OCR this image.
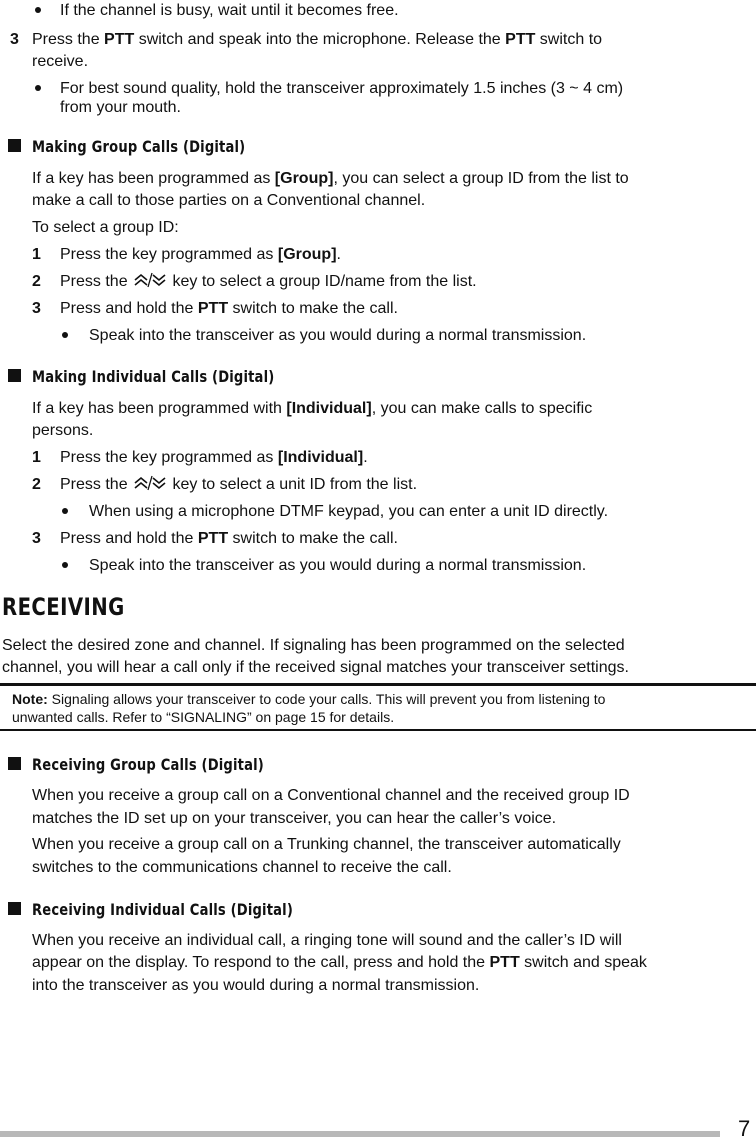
If the channel is busy, wait until it becomes free.
3 Press the PTT switch and speak into the microphone. Release the PTT switch to
receive.
For best sound quality, hold the transceiver approximately 1.5 inches (3 ~ 4 cm)
from your mouth.
Making Group Calls (Digital)
If a key has been programmed as [Group], you can select a group ID from the list to
make a call to those parties on a Conventional channel.
To select a group ID:
1 Press the key programmed as [Group].
2 Press the  key to select a group ID/name from the list.
3 Press and hold the PTT switch to make the call.
Speak into the transceiver as you would during a normal transmission.
Making Individual Calls (Digital)
If a key has been programmed with [Individual], you can make calls to specific
persons.
1 Press the key programmed as [Individual].
2 Press the  key to select a unit ID from the list.
When using a microphone DTMF keypad, you can enter a unit ID directly.
3 Press and hold the PTT switch to make the call.
Speak into the transceiver as you would during a normal transmission.
RECEIVING
Select the desired zone and channel. If signaling has been programmed on the selected
channel, you will hear a call only if the received signal matches your transceiver settings.
Note: Signaling allows your transceiver to code your calls. This will prevent you from listening to
unwanted calls. Refer to “SIGNALING” on page 15 for details.
Receiving Group Calls (Digital)
When you receive a group call on a Conventional channel and the received group ID
matches the ID set up on your transceiver, you can hear the caller’s voice.
When you receive a group call on a Trunking channel, the transceiver automatically
switches to the communications channel to receive the call.
Receiving Individual Calls (Digital)
When you receive an individual call, a ringing tone will sound and the caller’s ID will
appear on the display. To respond to the call, press and hold the PTT switch and speak
into the transceiver as you would during a normal transmission.
7
